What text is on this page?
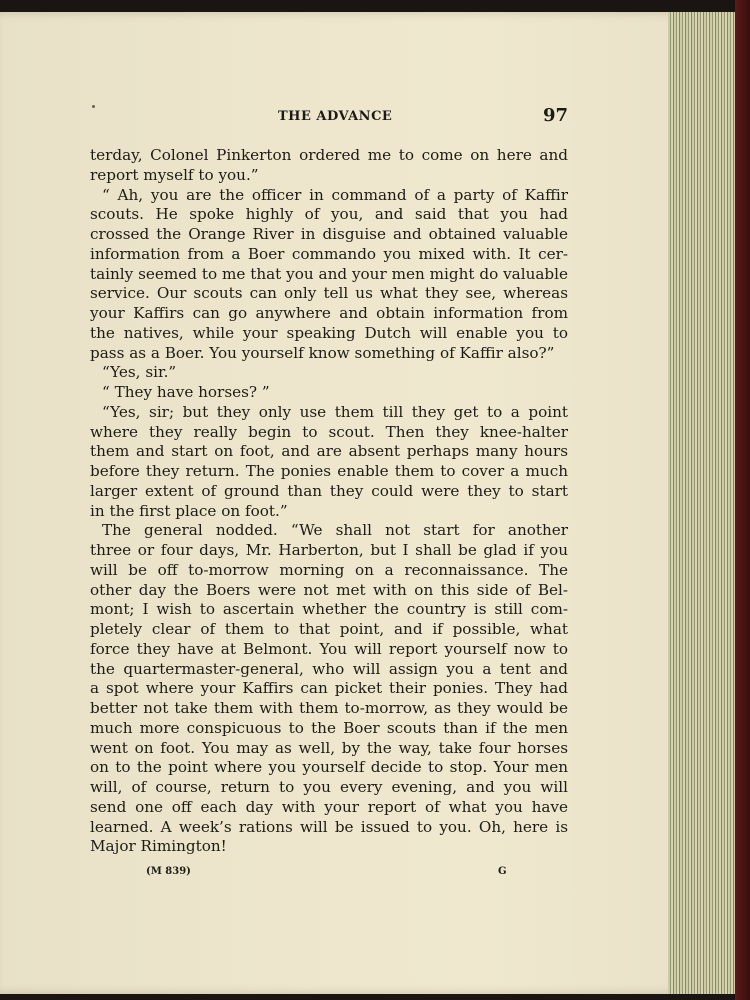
THE ADVANCE	97
terday, Colonel Pinkerton ordered me to come on here and
report myself to you.”
“ Ah, you are the officer in command of a party of Kaffir
scouts. He spoke highly of you, and said that you had
crossed the Orange River in disguise and obtained valuable
information from a Boer commando you mixed with. It cer-
tainly seemed to me that you and your men might do valuable
service. Our scouts can only tell us what they see, whereas
your Kaffirs can go anywhere and obtain information from
the natives, while your speaking Dutch will enable you to
pass as a Boer. You yourself know something of Kaffir also?”
“Yes, sir.”
“ They have horses? ”
“Yes, sir; but they only use them till they get to a point
where they really begin to scout. Then they knee-halter
them and start on foot, and are absent perhaps many hours
before they return. The ponies enable them to cover a much
larger extent of ground than they could were they to start
in the first place on foot.”
The general nodded. “We shall not start for another
three or four days, Mr. Harberton, but I shall be glad if you
will be off to-morrow morning on a reconnaissance. The
other day the Boers were not met with on this side of Bel-
mont; I wish to ascertain whether the country is still com-
pletely clear of them to that point, and if possible, what
force they have at Belmont. You will report yourself now to
the quartermaster-general, who will assign you a tent and
a spot where your Kaffirs can picket their ponies. They had
better not take them with them to-morrow, as they would be
much more conspicuous to the Boer scouts than if the men
went on foot. You may as well, by the way, take four horses
on to the point where you yourself decide to stop. Your men
will, of course, return to you every evening, and you will
send one off each day with your report of what you have
learned. A week’s rations will be issued to you. Oh, here is
Major Rimington!
(M 839)	G
